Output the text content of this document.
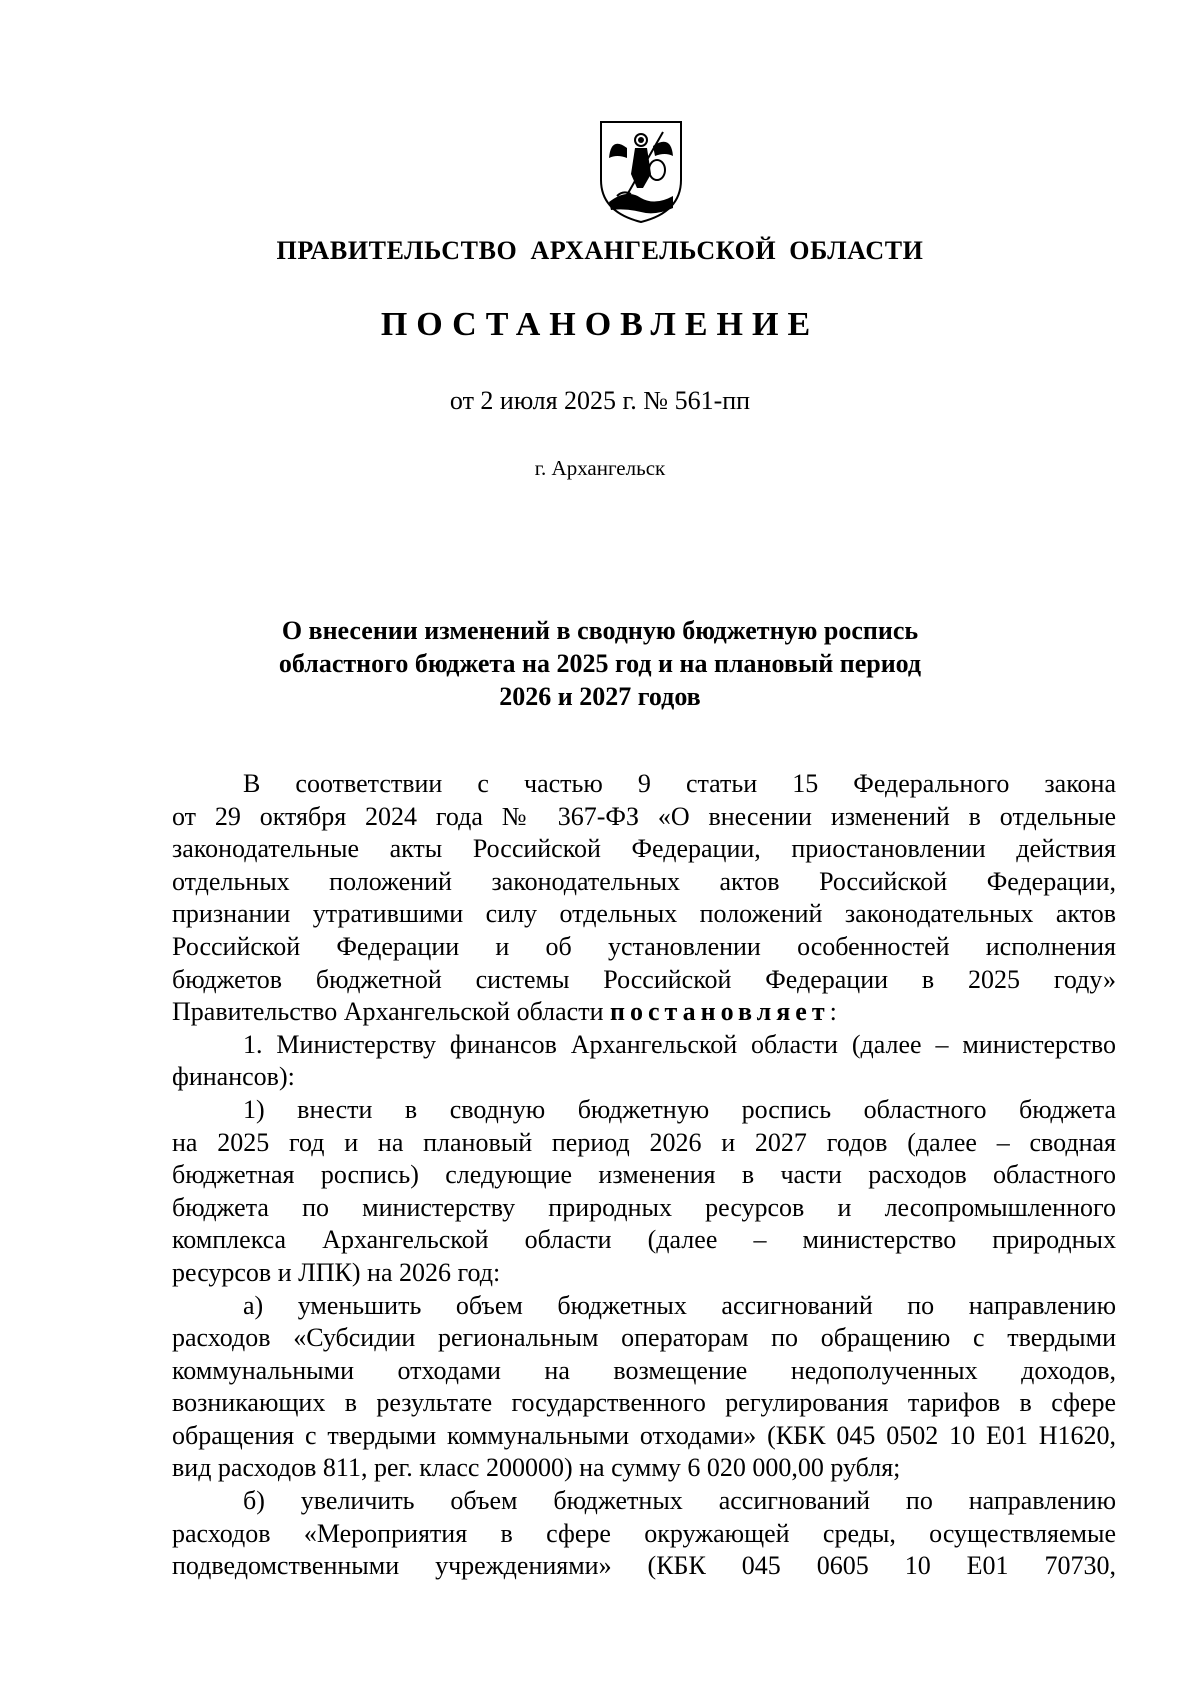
ПРАВИТЕЛЬСТВО АРХАНГЕЛЬСКОЙ ОБЛАСТИ
ПОСТАНОВЛЕНИЕ
от 2 июля 2025 г. № 561-пп
г. Архангельск
О внесении изменений в сводную бюджетную роспись
областного бюджета на 2025 год и на плановый период
2026 и 2027 годов
В соответствии с частью 9 статьи 15 Федерального закона
от 29 октября 2024 года № 367-ФЗ «О внесении изменений в отдельные
законодательные акты Российской Федерации, приостановлении действия
отдельных положений законодательных актов Российской Федерации,
признании утратившими силу отдельных положений законодательных актов
Российской Федерации и об установлении особенностей исполнения
бюджетов бюджетной системы Российской Федерации в 2025 году»
Правительство Архангельской области постановляет:
1. Министерству финансов Архангельской области (далее – министерство
финансов):
1) внести в сводную бюджетную роспись областного бюджета
на 2025 год и на плановый период 2026 и 2027 годов (далее – сводная
бюджетная роспись) следующие изменения в части расходов областного
бюджета по министерству природных ресурсов и лесопромышленного
комплекса Архангельской области (далее – министерство природных
ресурсов и ЛПК) на 2026 год:
а) уменьшить объем бюджетных ассигнований по направлению
расходов «Субсидии региональным операторам по обращению с твердыми
коммунальными отходами на возмещение недополученных доходов,
возникающих в результате государственного регулирования тарифов в сфере
обращения с твердыми коммунальными отходами» (КБК 045 0502 10 Е01 Н1620,
вид расходов 811, рег. класс 200000) на сумму 6 020 000,00 рубля;
б) увеличить объем бюджетных ассигнований по направлению
расходов «Мероприятия в сфере окружающей среды, осуществляемые
подведомственными учреждениями» (КБК 045 0605 10 Е01 70730,
